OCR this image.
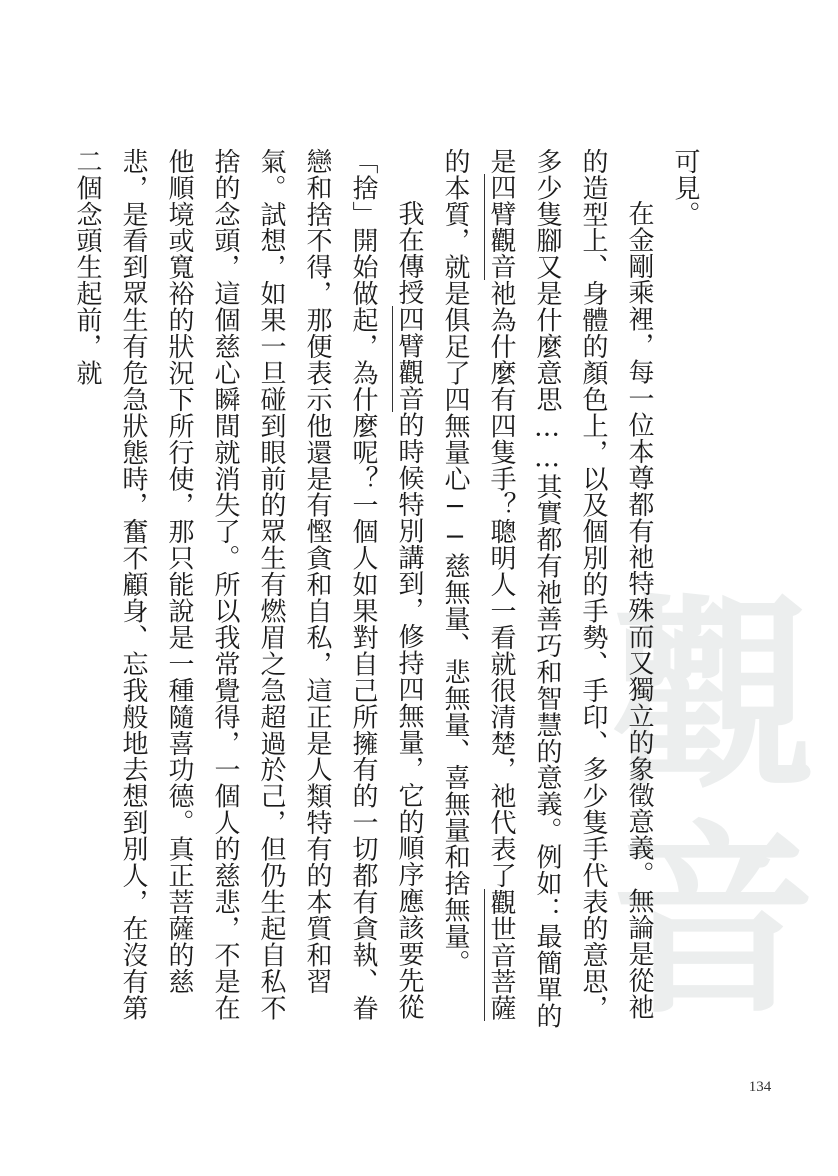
觀
音

可見。

在金剛乘裡，每一位本尊都有祂特殊而又獨立的象徵意義。無論是從祂的造型上、身體的顏色上，以及個別的手勢、手印、多少隻手代表的意思，多少隻腳又是什麼意思……其實都有祂善巧和智慧的意義。例如：最簡單的是四臂觀音祂為什麼有四隻手？聰明人一看就很清楚，祂代表了觀世音菩薩的本質，就是俱足了四無量心──慈無量、悲無量、喜無量和捨無量。

我在傳授四臂觀音的時候特別講到，修持四無量，它的順序應該要先從「捨」開始做起，為什麼呢？一個人如果對自己所擁有的一切都有貪執、眷戀和捨不得，那便表示他還是有慳貪和自私，這正是人類特有的本質和習氣。試想，如果一旦碰到眼前的眾生有燃眉之急超過於己，但仍生起自私不捨的念頭，這個慈心瞬間就消失了。所以我常覺得，一個人的慈悲，不是在他順境或寬裕的狀況下所行使，那只能說是一種隨喜功德。真正菩薩的慈悲，是看到眾生有危急狀態時，奮不顧身、忘我般地去想到別人，在沒有第二個念頭生起前，就

134
